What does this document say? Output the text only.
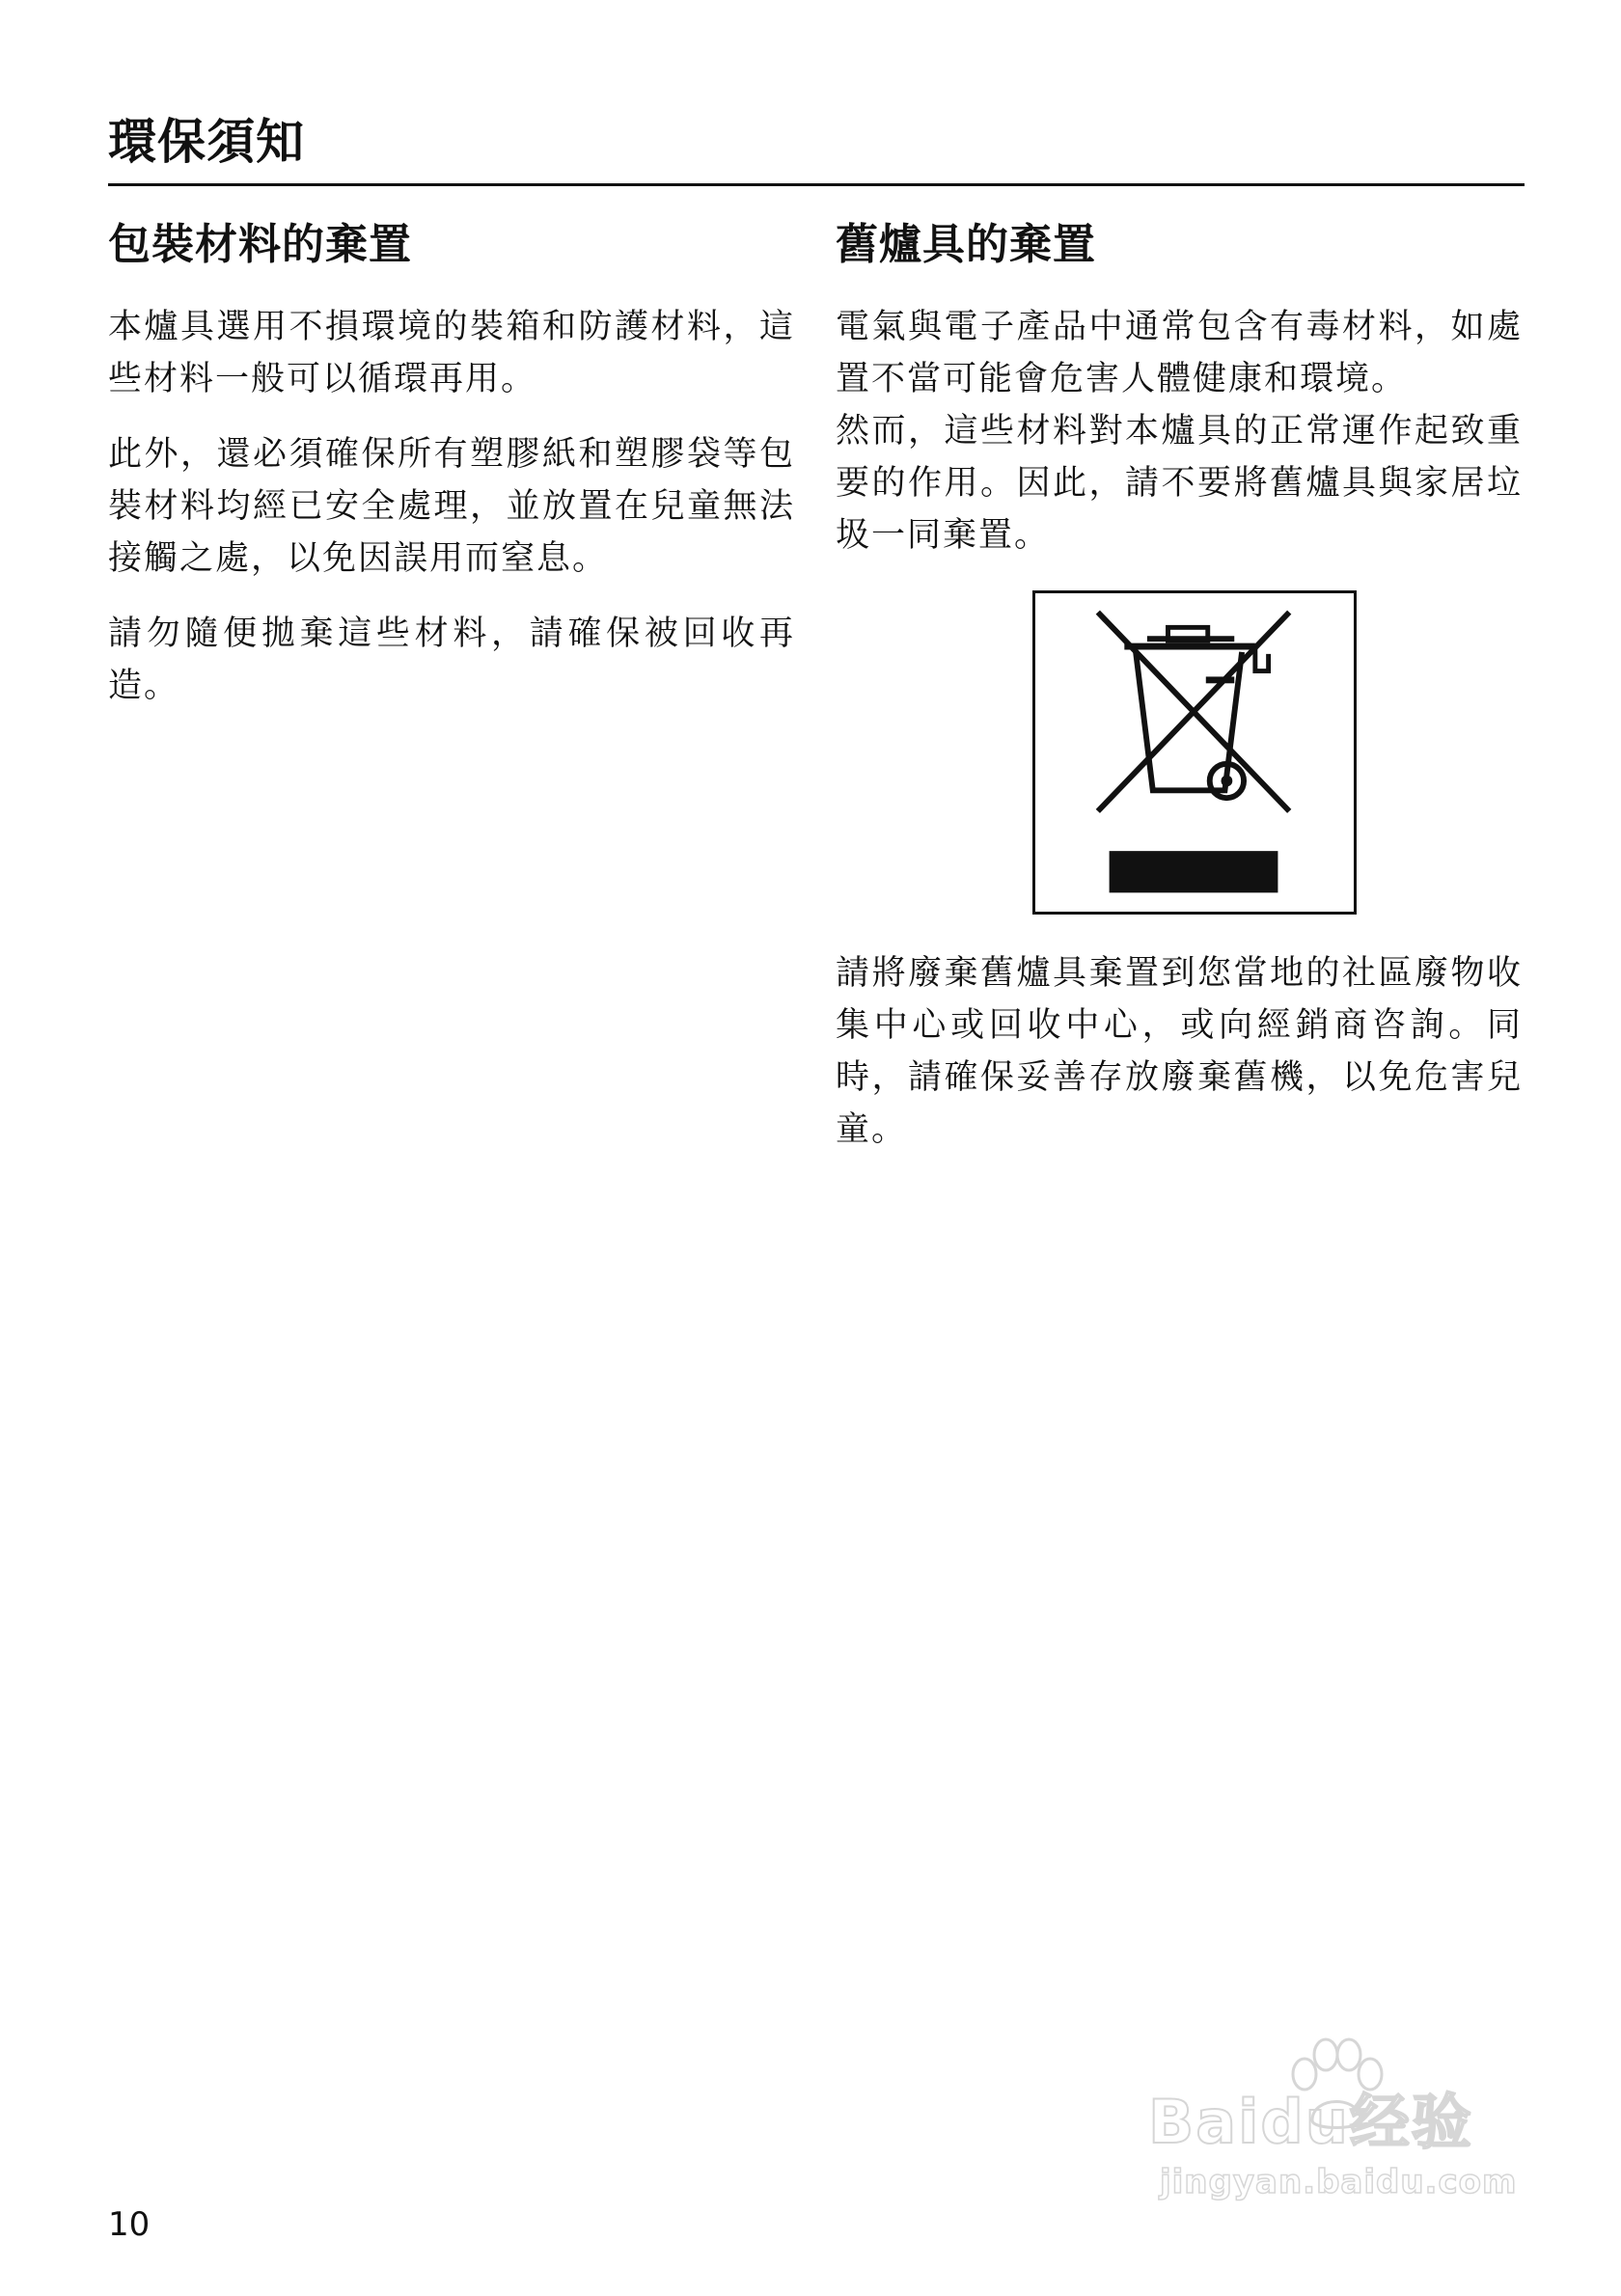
環保須知
包裝材料的棄置

本爐具選用不損環境的裝箱和防護材料，這些材料一般可以循環再用。

此外，還必須確保所有塑膠紙和塑膠袋等包裝材料均經已安全處理，並放置在兒童無法接觸之處，以免因誤用而窒息。

請勿隨便拋棄這些材料，請確保被回收再造。

舊爐具的棄置

電氣與電子產品中通常包含有毒材料，如處置不當可能會危害人體健康和環境。

然而，這些材料對本爐具的正常運作起致重要的作用。因此，請不要將舊爐具與家居垃圾一同棄置。

請將廢棄舊爐具棄置到您當地的社區廢物收集中心或回收中心，或向經銷商咨詢。同時，請確保妥善存放廢棄舊機，以免危害兒童。

10
Baidu经验
jingyan.baidu.com
